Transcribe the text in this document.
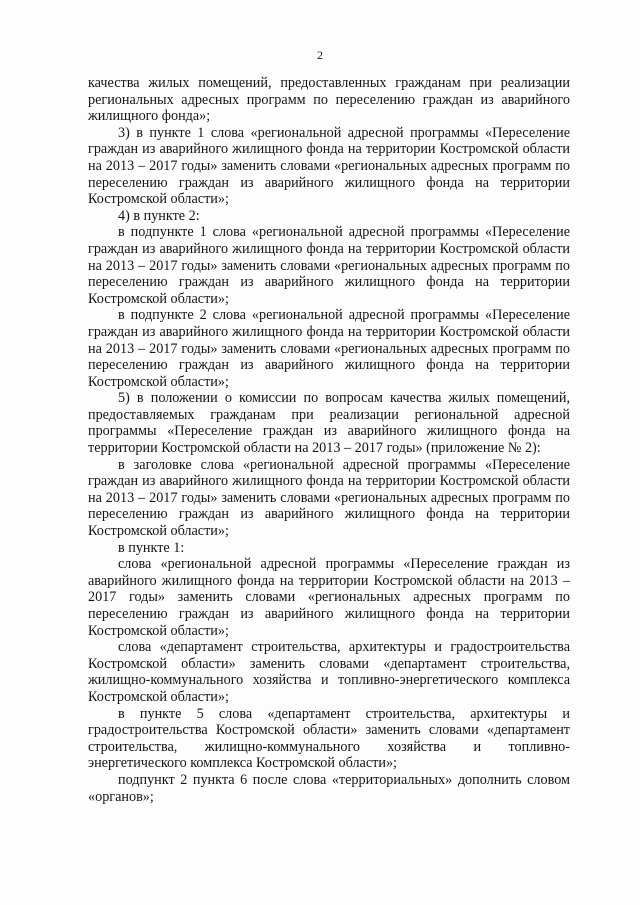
2

качества жилых помещений, предоставленных гражданам при реализации региональных адресных программ по переселению граждан из аварийного жилищного фонда»;

3) в пункте 1 слова «региональной адресной программы «Переселение граждан из аварийного жилищного фонда на территории Костромской области на 2013 – 2017 годы» заменить словами «региональных адресных программ по переселению граждан из аварийного жилищного фонда на территории Костромской области»;

4) в пункте 2:

в подпункте 1 слова «региональной адресной программы «Переселение граждан из аварийного жилищного фонда на территории Костромской области на 2013 – 2017 годы» заменить словами «региональных адресных программ по переселению граждан из аварийного жилищного фонда на территории Костромской области»;

в подпункте 2 слова «региональной адресной программы «Переселение граждан из аварийного жилищного фонда на территории Костромской области на 2013 – 2017 годы» заменить словами «региональных адресных программ по переселению граждан из аварийного жилищного фонда на территории Костромской области»;

5) в положении о комиссии по вопросам качества жилых помещений, предоставляемых гражданам при реализации региональной адресной программы «Переселение граждан из аварийного жилищного фонда на территории Костромской области на 2013 – 2017 годы» (приложение № 2):

в заголовке слова «региональной адресной программы «Переселение граждан из аварийного жилищного фонда на территории Костромской области на 2013 – 2017 годы» заменить словами «региональных адресных программ по переселению граждан из аварийного жилищного фонда на территории Костромской области»;

в пункте 1:

слова «региональной адресной программы «Переселение граждан из аварийного жилищного фонда на территории Костромской области на 2013 – 2017 годы» заменить словами «региональных адресных программ по переселению граждан из аварийного жилищного фонда на территории Костромской области»;

слова «департамент строительства, архитектуры и градостроительства Костромской области» заменить словами «департамент строительства, жилищно-коммунального хозяйства и топливно-энергетического комплекса Костромской области»;

в пункте 5 слова «департамент строительства, архитектуры и градостроительства Костромской области» заменить словами «департамент строительства, жилищно-коммунального хозяйства и топливно-энергетического комплекса Костромской области»;

подпункт 2 пункта 6 после слова «территориальных» дополнить словом «органов»;
